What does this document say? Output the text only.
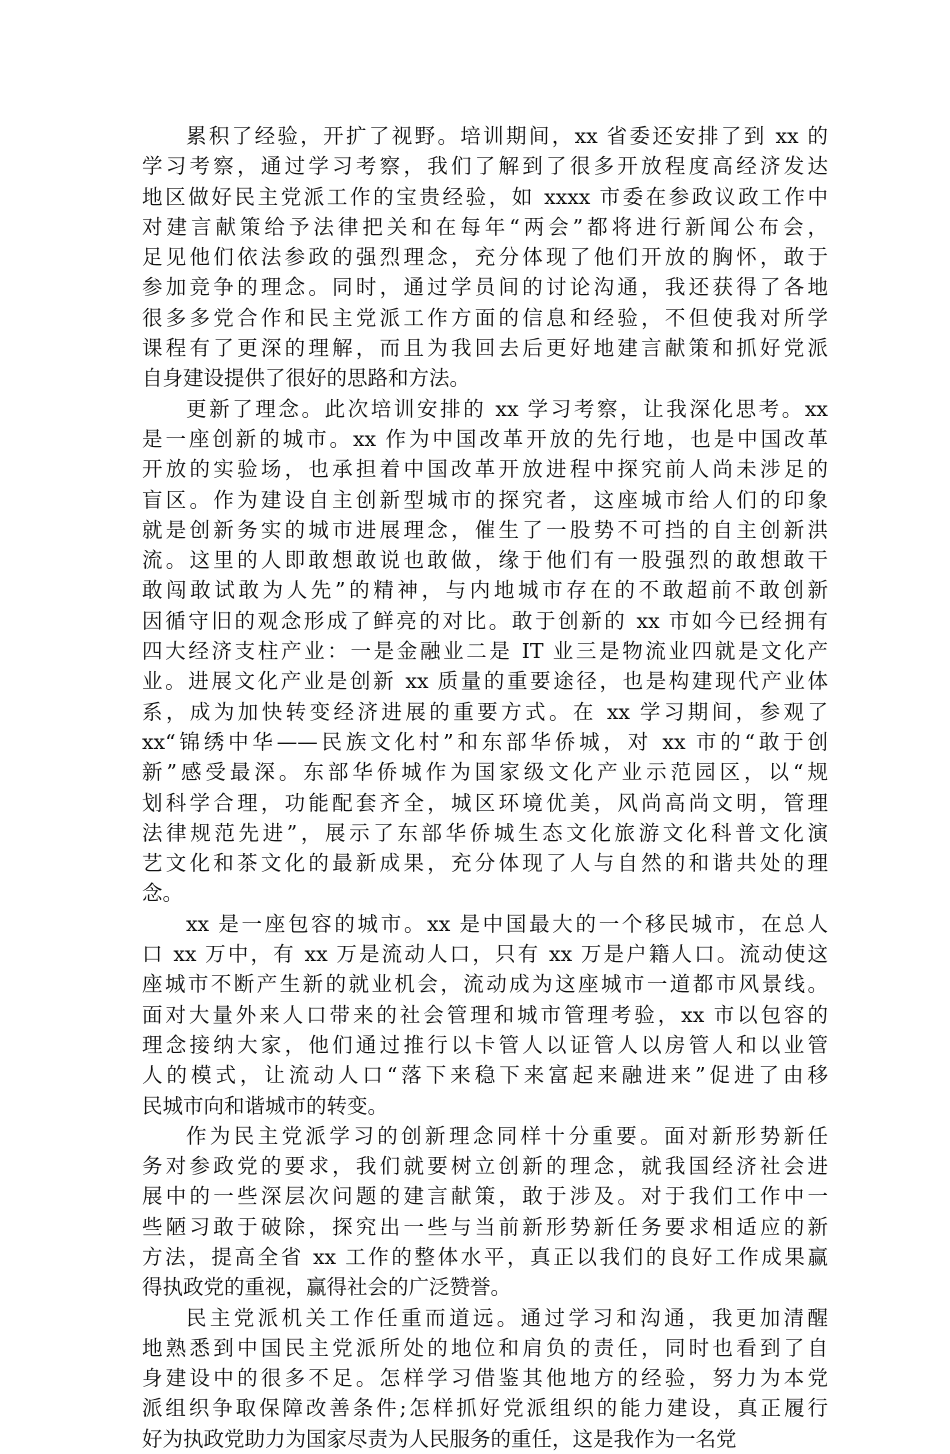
累积了经验，开扩了视野。培训期间，xx 省委还安排了到 xx 的
学习考察，通过学习考察，我们了解到了很多开放程度高经济发达
地区做好民主党派工作的宝贵经验，如 xxxx 市委在参政议政工作中
对建言献策给予法律把关和在每年“两会”都将进行新闻公布会，
足见他们依法参政的强烈理念，充分体现了他们开放的胸怀，敢于
参加竞争的理念。同时，通过学员间的讨论沟通，我还获得了各地
很多多党合作和民主党派工作方面的信息和经验，不但使我对所学
课程有了更深的理解，而且为我回去后更好地建言献策和抓好党派
自身建设提供了很好的思路和方法。
更新了理念。此次培训安排的 xx 学习考察，让我深化思考。xx
是一座创新的城市。xx 作为中国改革开放的先行地，也是中国改革
开放的实验场，也承担着中国改革开放进程中探究前人尚未涉足的
盲区。作为建设自主创新型城市的探究者，这座城市给人们的印象
就是创新务实的城市进展理念，催生了一股势不可挡的自主创新洪
流。这里的人即敢想敢说也敢做，缘于他们有一股强烈的敢想敢干
敢闯敢试敢为人先”的精神，与内地城市存在的不敢超前不敢创新
因循守旧的观念形成了鲜亮的对比。敢于创新的 xx 市如今已经拥有
四大经济支柱产业：一是金融业二是 IT 业三是物流业四就是文化产
业。进展文化产业是创新 xx 质量的重要途径，也是构建现代产业体
系，成为加快转变经济进展的重要方式。在 xx 学习期间，参观了
xx“锦绣中华——民族文化村”和东部华侨城，对 xx 市的“敢于创
新”感受最深。东部华侨城作为国家级文化产业示范园区，以“规
划科学合理，功能配套齐全，城区环境优美，风尚高尚文明，管理
法律规范先进”，展示了东部华侨城生态文化旅游文化科普文化演
艺文化和茶文化的最新成果，充分体现了人与自然的和谐共处的理
念。
xx 是一座包容的城市。xx 是中国最大的一个移民城市，在总人
口 xx 万中，有 xx 万是流动人口，只有 xx 万是户籍人口。流动使这
座城市不断产生新的就业机会，流动成为这座城市一道都市风景线。
面对大量外来人口带来的社会管理和城市管理考验，xx 市以包容的
理念接纳大家，他们通过推行以卡管人以证管人以房管人和以业管
人的模式，让流动人口“落下来稳下来富起来融进来”促进了由移
民城市向和谐城市的转变。
作为民主党派学习的创新理念同样十分重要。面对新形势新任
务对参政党的要求，我们就要树立创新的理念，就我国经济社会进
展中的一些深层次问题的建言献策，敢于涉及。对于我们工作中一
些陋习敢于破除，探究出一些与当前新形势新任务要求相适应的新
方法，提高全省 xx 工作的整体水平，真正以我们的良好工作成果赢
得执政党的重视，赢得社会的广泛赞誉。
民主党派机关工作任重而道远。通过学习和沟通，我更加清醒
地熟悉到中国民主党派所处的地位和肩负的责任，同时也看到了自
身建设中的很多不足。怎样学习借鉴其他地方的经验，努力为本党
派组织争取保障改善条件;怎样抓好党派组织的能力建设，真正履行
好为执政党助力为国家尽责为人民服务的重任，这是我作为一名党
